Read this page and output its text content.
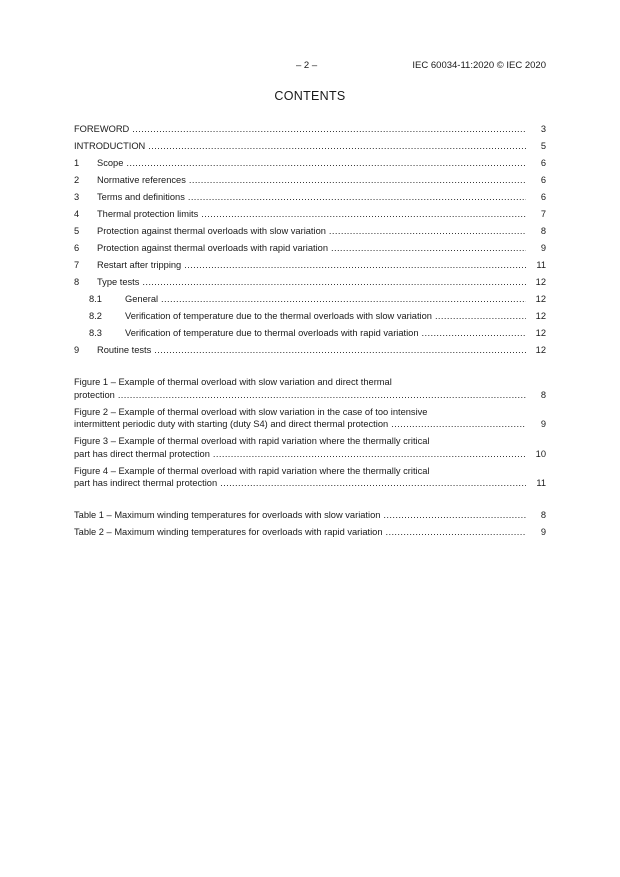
– 2 –	IEC 60034-11:2020 © IEC 2020
CONTENTS
FOREWORD .....	3
INTRODUCTION .....	5
1 Scope .....	6
2 Normative references .....	6
3 Terms and definitions .....	6
4 Thermal protection limits .....	7
5 Protection against thermal overloads with slow variation .....	8
6 Protection against thermal overloads with rapid variation .....	9
7 Restart after tripping .....	11
8 Type tests .....	12
8.1 General .....	12
8.2 Verification of temperature due to the thermal overloads with slow variation .....	12
8.3 Verification of temperature due to thermal overloads with rapid variation .....	12
9 Routine tests .....	12
Figure 1 – Example of thermal overload with slow variation and direct thermal
protection .....	8
Figure 2 – Example of thermal overload with slow variation in the case of too intensive
intermittent periodic duty with starting (duty S4) and direct thermal protection .....	9
Figure 3 – Example of thermal overload with rapid variation where the thermally critical
part has direct thermal protection .....	10
Figure 4 – Example of thermal overload with rapid variation where the thermally critical
part has indirect thermal protection .....	11
Table 1 – Maximum winding temperatures for overloads with slow variation .....	8
Table 2 – Maximum winding temperatures for overloads with rapid variation .....	9
